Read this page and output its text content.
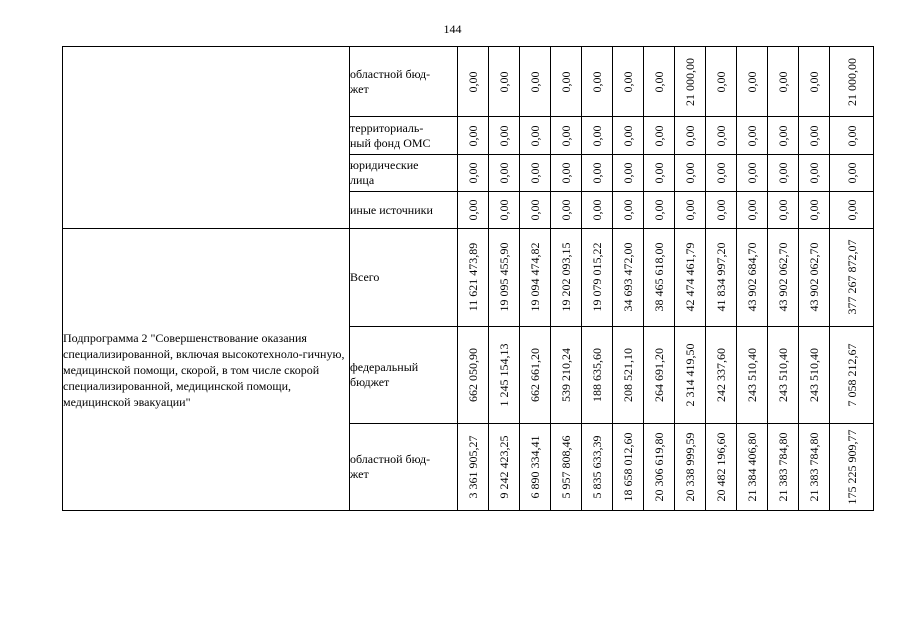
144
	областной бюд-
жет	0,00	0,00	0,00	0,00	0,00	0,00	0,00	21 000,00	0,00	0,00	0,00	0,00	21 000,00

	территориаль-
ный фонд ОМС	0,00	0,00	0,00	0,00	0,00	0,00	0,00	0,00	0,00	0,00	0,00	0,00	0,00

	юридические
лица	0,00	0,00	0,00	0,00	0,00	0,00	0,00	0,00	0,00	0,00	0,00	0,00	0,00

	иные источники	0,00	0,00	0,00	0,00	0,00	0,00	0,00	0,00	0,00	0,00	0,00	0,00	0,00

Подпрограмма 2 "Совершенствование оказания специализированной, включая высокотехноло-гичную, медицинской помощи, скорой, в том числе скорой специализированной, медицинской помощи, медицинской эвакуации"	Всего	11 621 473,89	19 095 455,90	19 094 474,82	19 202 093,15	19 079 015,22	34 693 472,00	38 465 618,00	42 474 461,79	41 834 997,20	43 902 684,70	43 902 062,70	43 902 062,70	377 267 872,07

	федеральный
бюджет	662 050,90	1 245 154,13	662 661,20	539 210,24	188 635,60	208 521,10	264 691,20	2 314 419,50	242 337,60	243 510,40	243 510,40	243 510,40	7 058 212,67

	областной бюд-
жет	3 361 905,27	9 242 423,25	6 890 334,41	5 957 808,46	5 835 633,39	18 658 012,60	20 306 619,80	20 338 999,59	20 482 196,60	21 384 406,80	21 383 784,80	21 383 784,80	175 225 909,77
